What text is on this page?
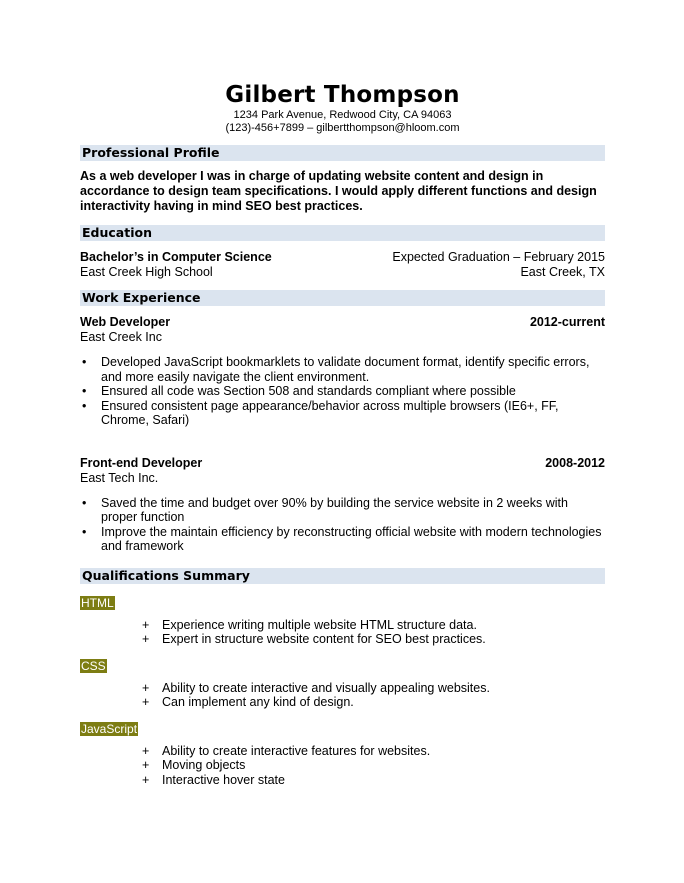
Gilbert Thompson
1234 Park Avenue, Redwood City, CA 94063
(123)-456+7899 – gilbertthompson@hloom.com
Professional Profile
As a web developer I was in charge of updating website content and design in accordance to design team specifications. I would apply different functions and design interactivity having in mind SEO best practices.
Education
Bachelor’s in Computer Science	Expected Graduation – February 2015
East Creek High School	East Creek, TX
Work Experience
Web Developer	2012-current
East Creek Inc
• Developed JavaScript bookmarklets to validate document format, identify specific errors, and more easily navigate the client environment.
• Ensured all code was Section 508 and standards compliant where possible
• Ensured consistent page appearance/behavior across multiple browsers (IE6+, FF, Chrome, Safari)
Front-end Developer	2008-2012
East Tech Inc.
• Saved the time and budget over 90% by building the service website in 2 weeks with proper function
• Improve the maintain efficiency by reconstructing official website with modern technologies and framework
Qualifications Summary
HTML
+ Experience writing multiple website HTML structure data.
+ Expert in structure website content for SEO best practices.
CSS
+ Ability to create interactive and visually appealing websites.
+ Can implement any kind of design.
JavaScript
+ Ability to create interactive features for websites.
+ Moving objects
+ Interactive hover state
